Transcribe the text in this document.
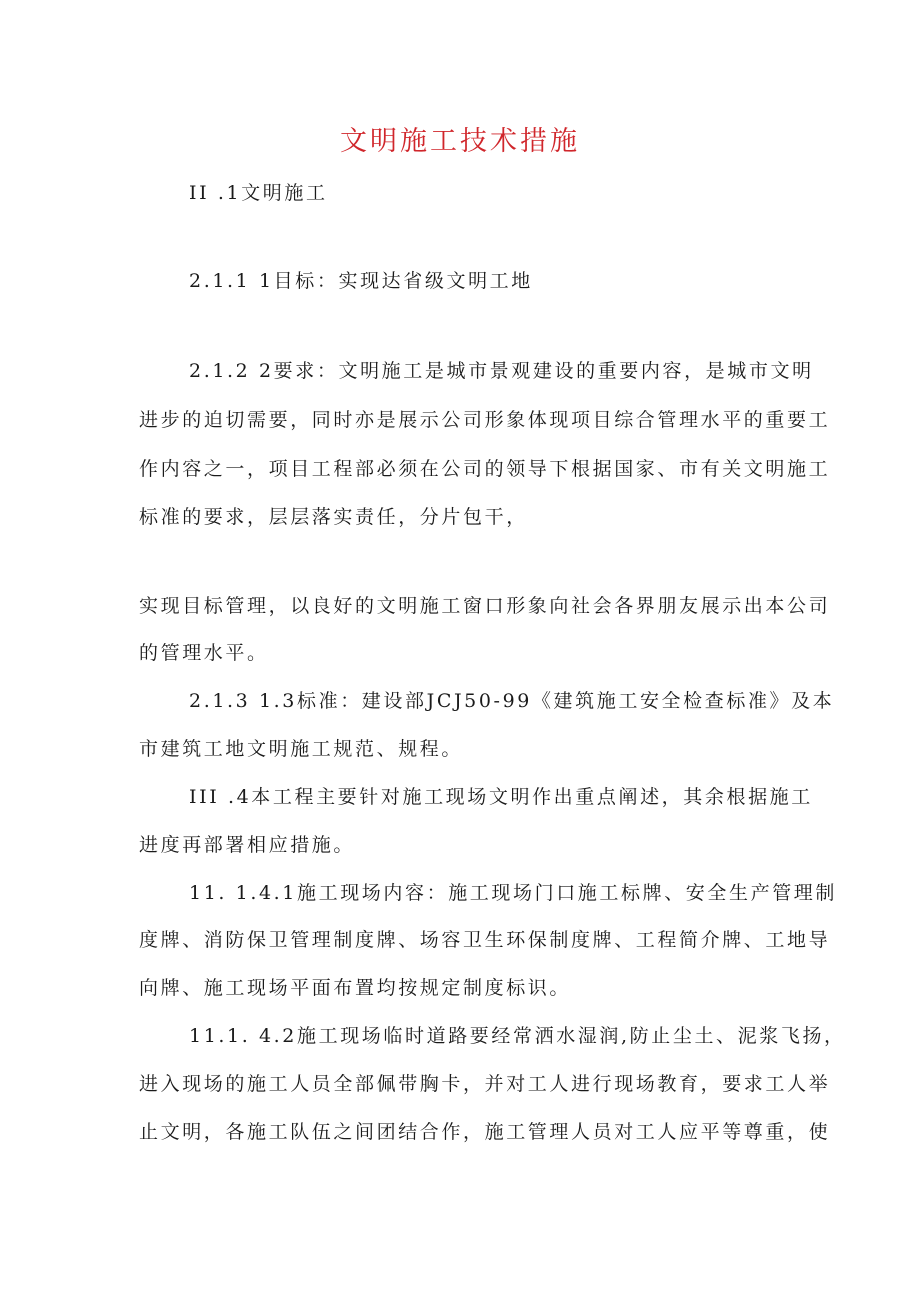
文明施工技术措施
II .1文明施工
2.1.1 1目标：实现达省级文明工地
2.1.2 2要求：文明施工是城市景观建设的重要内容，是城市文明
进步的迫切需要，同时亦是展示公司形象体现项目综合管理水平的重要工
作内容之一，项目工程部必须在公司的领导下根据国家、市有关文明施工
标准的要求，层层落实责任，分片包干，
实现目标管理，以良好的文明施工窗口形象向社会各界朋友展示出本公司
的管理水平。
2.1.3 1.3标准：建设部JCJ50-99《建筑施工安全检查标准》及本
市建筑工地文明施工规范、规程。
III .4本工程主要针对施工现场文明作出重点阐述，其余根据施工
进度再部署相应措施。
11. 1.4.1施工现场内容：施工现场门口施工标牌、安全生产管理制
度牌、消防保卫管理制度牌、场容卫生环保制度牌、工程简介牌、工地导
向牌、施工现场平面布置均按规定制度标识。
11.1. 4.2施工现场临时道路要经常洒水湿润,防止尘土、泥浆飞扬，
进入现场的施工人员全部佩带胸卡，并对工人进行现场教育，要求工人举
止文明，各施工队伍之间团结合作，施工管理人员对工人应平等尊重，使
